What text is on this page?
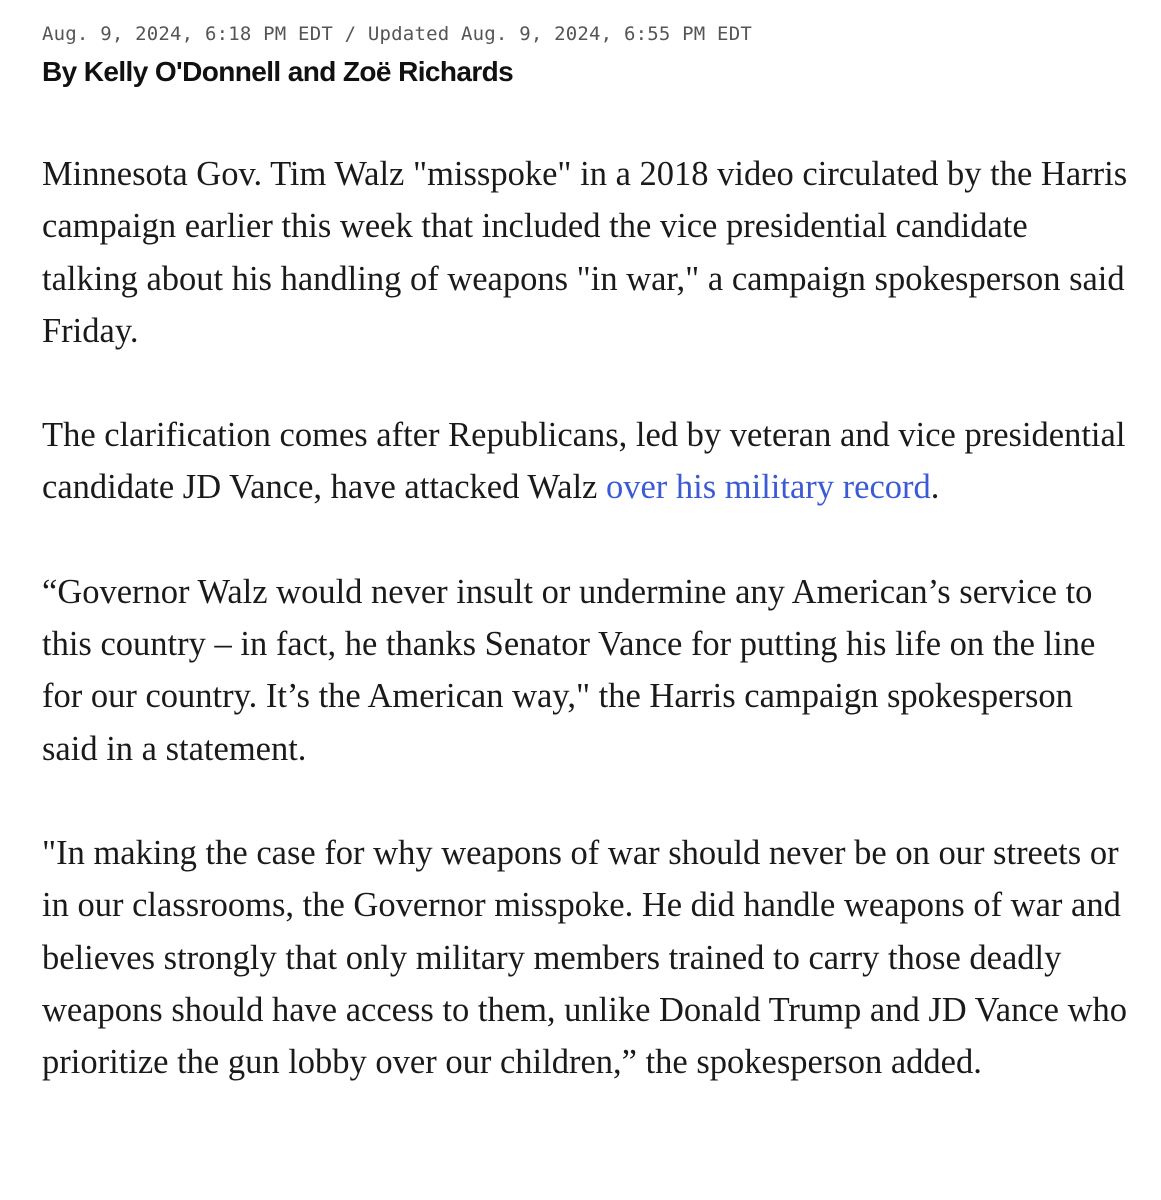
Aug. 9, 2024, 6:18 PM EDT / Updated Aug. 9, 2024, 6:55 PM EDT
By Kelly O'Donnell and Zoë Richards

Minnesota Gov. Tim Walz "misspoke" in a 2018 video circulated by the Harris campaign earlier this week that included the vice presidential candidate talking about his handling of weapons "in war," a campaign spokesperson said Friday.

The clarification comes after Republicans, led by veteran and vice presidential candidate JD Vance, have attacked Walz over his military record.

“Governor Walz would never insult or undermine any American’s service to this country – in fact, he thanks Senator Vance for putting his life on the line for our country. It’s the American way," the Harris campaign spokesperson said in a statement.

"In making the case for why weapons of war should never be on our streets or in our classrooms, the Governor misspoke. He did handle weapons of war and believes strongly that only military members trained to carry those deadly weapons should have access to them, unlike Donald Trump and JD Vance who prioritize the gun lobby over our children,” the spokesperson added.
